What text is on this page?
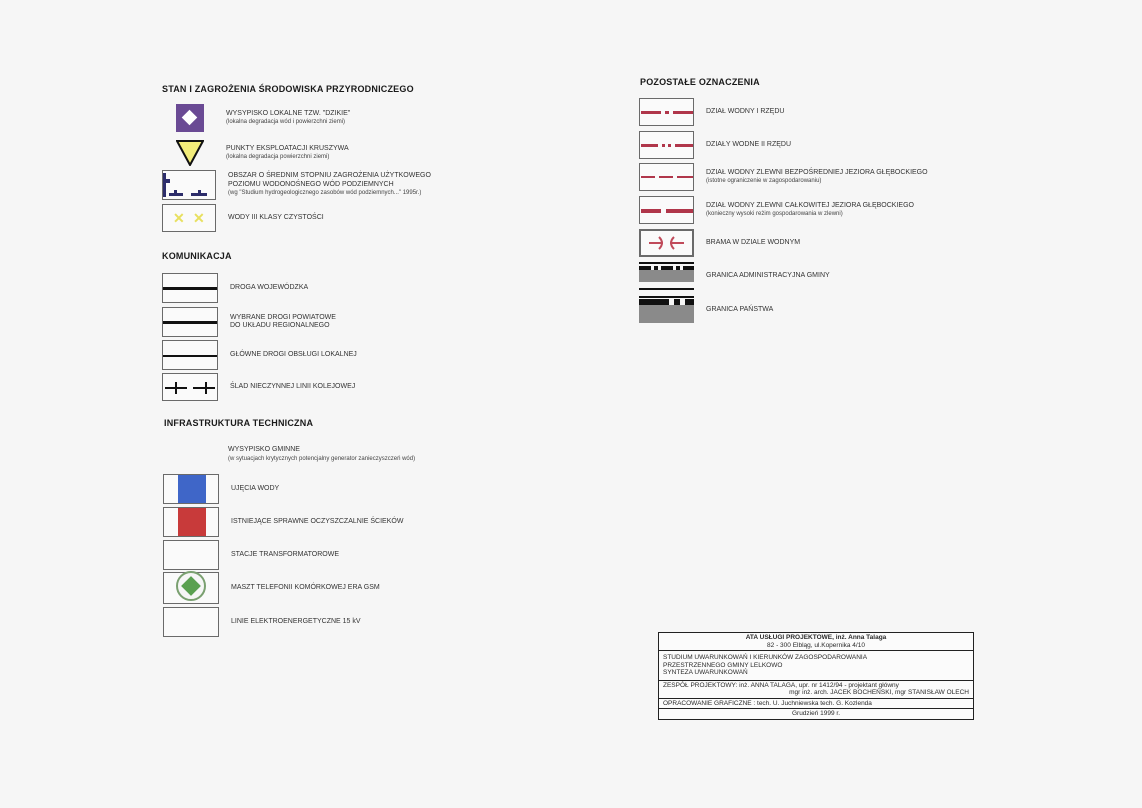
STAN I ZAGROŻENIA ŚRODOWISKA PRZYRODNICZEGO
WYSYPISKO LOKALNE TZW. "DZIKIE"
(lokalna degradacja wód i powierzchni ziemi)
PUNKTY EKSPLOATACJI KRUSZYWA
(lokalna degradacja powierzchni ziemi)
OBSZAR O ŚREDNIM STOPNIU ZAGROŻENIA UŻYTKOWEGO
POZIOMU WODONOŚNEGO WÓD PODZIEMNYCH
(wg "Studium hydrogeologicznego zasobów wód podziemnych..." 1995r.)
✕ ✕	WODY III KLASY CZYSTOŚCI
KOMUNIKACJA
DROGA WOJEWÓDZKA
WYBRANE DROGI POWIATOWE
DO UKŁADU REGIONALNEGO
GŁÓWNE DROGI OBSŁUGI LOKALNEJ
ŚLAD NIECZYNNEJ LINII KOLEJOWEJ
INFRASTRUKTURA TECHNICZNA
WYSYPISKO GMINNE
(w sytuacjach krytycznych potencjalny generator zanieczyszczeń wód)
UJĘCIA WODY
ISTNIEJĄCE SPRAWNE OCZYSZCZALNIE ŚCIEKÓW
STACJE TRANSFORMATOROWE
MASZT TELEFONII KOMÓRKOWEJ ERA GSM
LINIE ELEKTROENERGETYCZNE 15 kV
POZOSTAŁE OZNACZENIA
DZIAŁ WODNY I RZĘDU
DZIAŁY WODNE II RZĘDU
DZIAŁ WODNY ZLEWNI BEZPOŚREDNIEJ JEZIORA GŁĘBOCKIEGO
(istotne ograniczenie w zagospodarowaniu)
DZIAŁ WODNY ZLEWNI CAŁKOWITEJ JEZIORA GŁĘBOCKIEGO
(konieczny wysoki reżim gospodarowania w zlewni)
BRAMA W DZIALE WODNYM
GRANICA ADMINISTRACYJNA GMINY
GRANICA PAŃSTWA
ATA USŁUGI PROJEKTOWE, inż. Anna Talaga
82 - 300 Elbląg, ul.Kopernika 4/10
STUDIUM UWARUNKOWAŃ I KIERUNKÓW ZAGOSPODAROWANIA
PRZESTRZENNEGO GMINY LELKOWO
SYNTEZA UWARUNKOWAŃ
ZESPÓŁ PROJEKTOWY: inż. ANNA TALAGA, upr. nr 1412/94 - projektant główny
mgr inż. arch. JACEK BOCHEŃSKI, mgr STANISŁAW OLECH
OPRACOWANIE GRAFICZNE : tech. U. Juchniewska tech. G. Kozlenda
Grudzień 1999 r.
